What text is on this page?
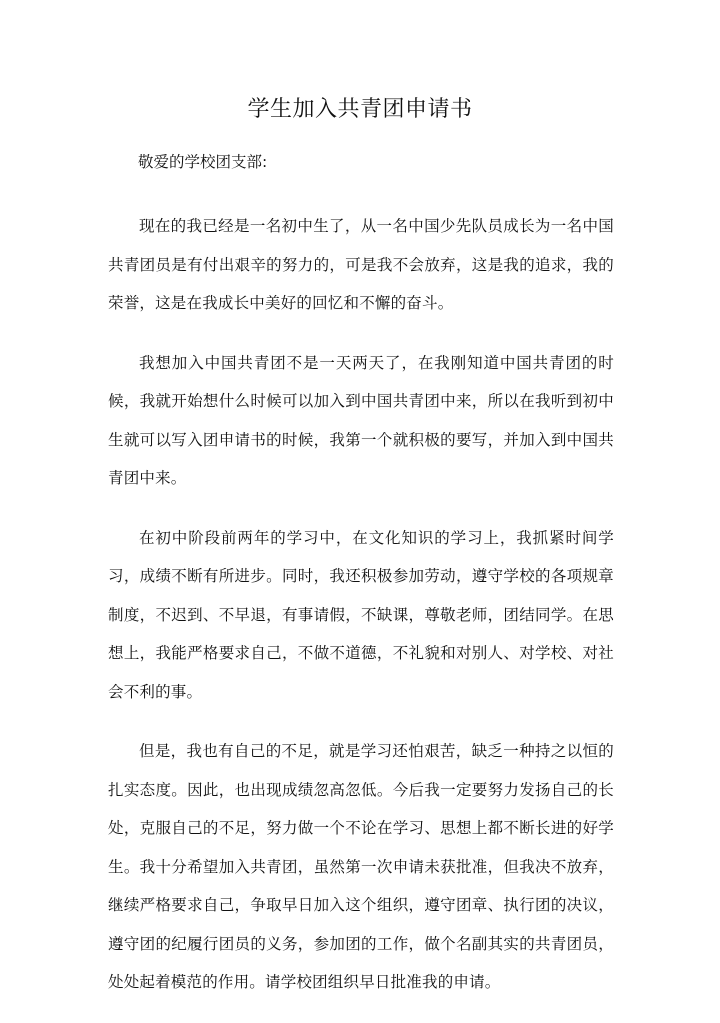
学生加入共青团申请书
敬爱的学校团支部:

现在的我已经是一名初中生了，从一名中国少先队员成长为一名中国共青团员是有付出艰辛的努力的，可是我不会放弃，这是我的追求，我的荣誉，这是在我成长中美好的回忆和不懈的奋斗。

我想加入中国共青团不是一天两天了，在我刚知道中国共青团的时候，我就开始想什么时候可以加入到中国共青团中来，所以在我听到初中生就可以写入团申请书的时候，我第一个就积极的要写，并加入到中国共青团中来。

在初中阶段前两年的学习中，在文化知识的学习上，我抓紧时间学习，成绩不断有所进步。同时，我还积极参加劳动，遵守学校的各项规章制度，不迟到、不早退，有事请假，不缺课，尊敬老师，团结同学。在思想上，我能严格要求自己，不做不道德，不礼貌和对别人、对学校、对社会不利的事。

但是，我也有自己的不足，就是学习还怕艰苦，缺乏一种持之以恒的扎实态度。因此，也出现成绩忽高忽低。今后我一定要努力发扬自己的长处，克服自己的不足，努力做一个不论在学习、思想上都不断长进的好学生。我十分希望加入共青团，虽然第一次申请未获批准，但我决不放弃，继续严格要求自己，争取早日加入这个组织，遵守团章、执行团的决议，遵守团的纪履行团员的义务，参加团的工作，做个名副其实的共青团员，处处起着模范的作用。请学校团组织早日批准我的申请。
